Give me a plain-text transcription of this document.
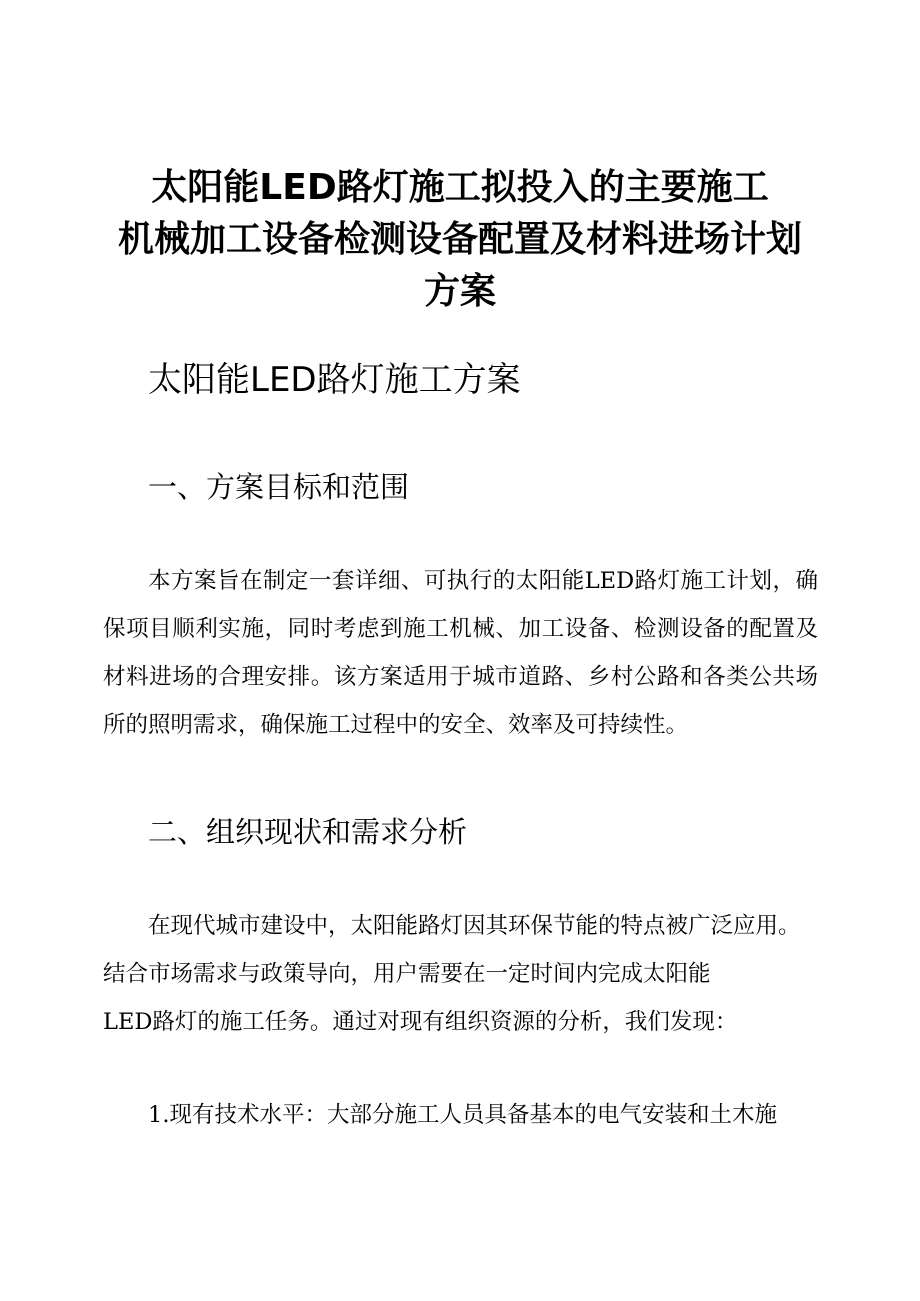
太阳能LED路灯施工拟投入的主要施工
机械加工设备检测设备配置及材料进场计划
方案
太阳能LED路灯施工方案
一、方案目标和范围

本方案旨在制定一套详细、可执行的太阳能LED路灯施工计划，确保项目顺利实施，同时考虑到施工机械、加工设备、检测设备的配置及材料进场的合理安排。该方案适用于城市道路、乡村公路和各类公共场所的照明需求，确保施工过程中的安全、效率及可持续性。

二、组织现状和需求分析

在现代城市建设中，太阳能路灯因其环保节能的特点被广泛应用。

结合市场需求与政策导向，用户需要在一定时间内完成太阳能

LED路灯的施工任务。通过对现有组织资源的分析，我们发现：

1.现有技术水平：大部分施工人员具备基本的电气安装和土木施
